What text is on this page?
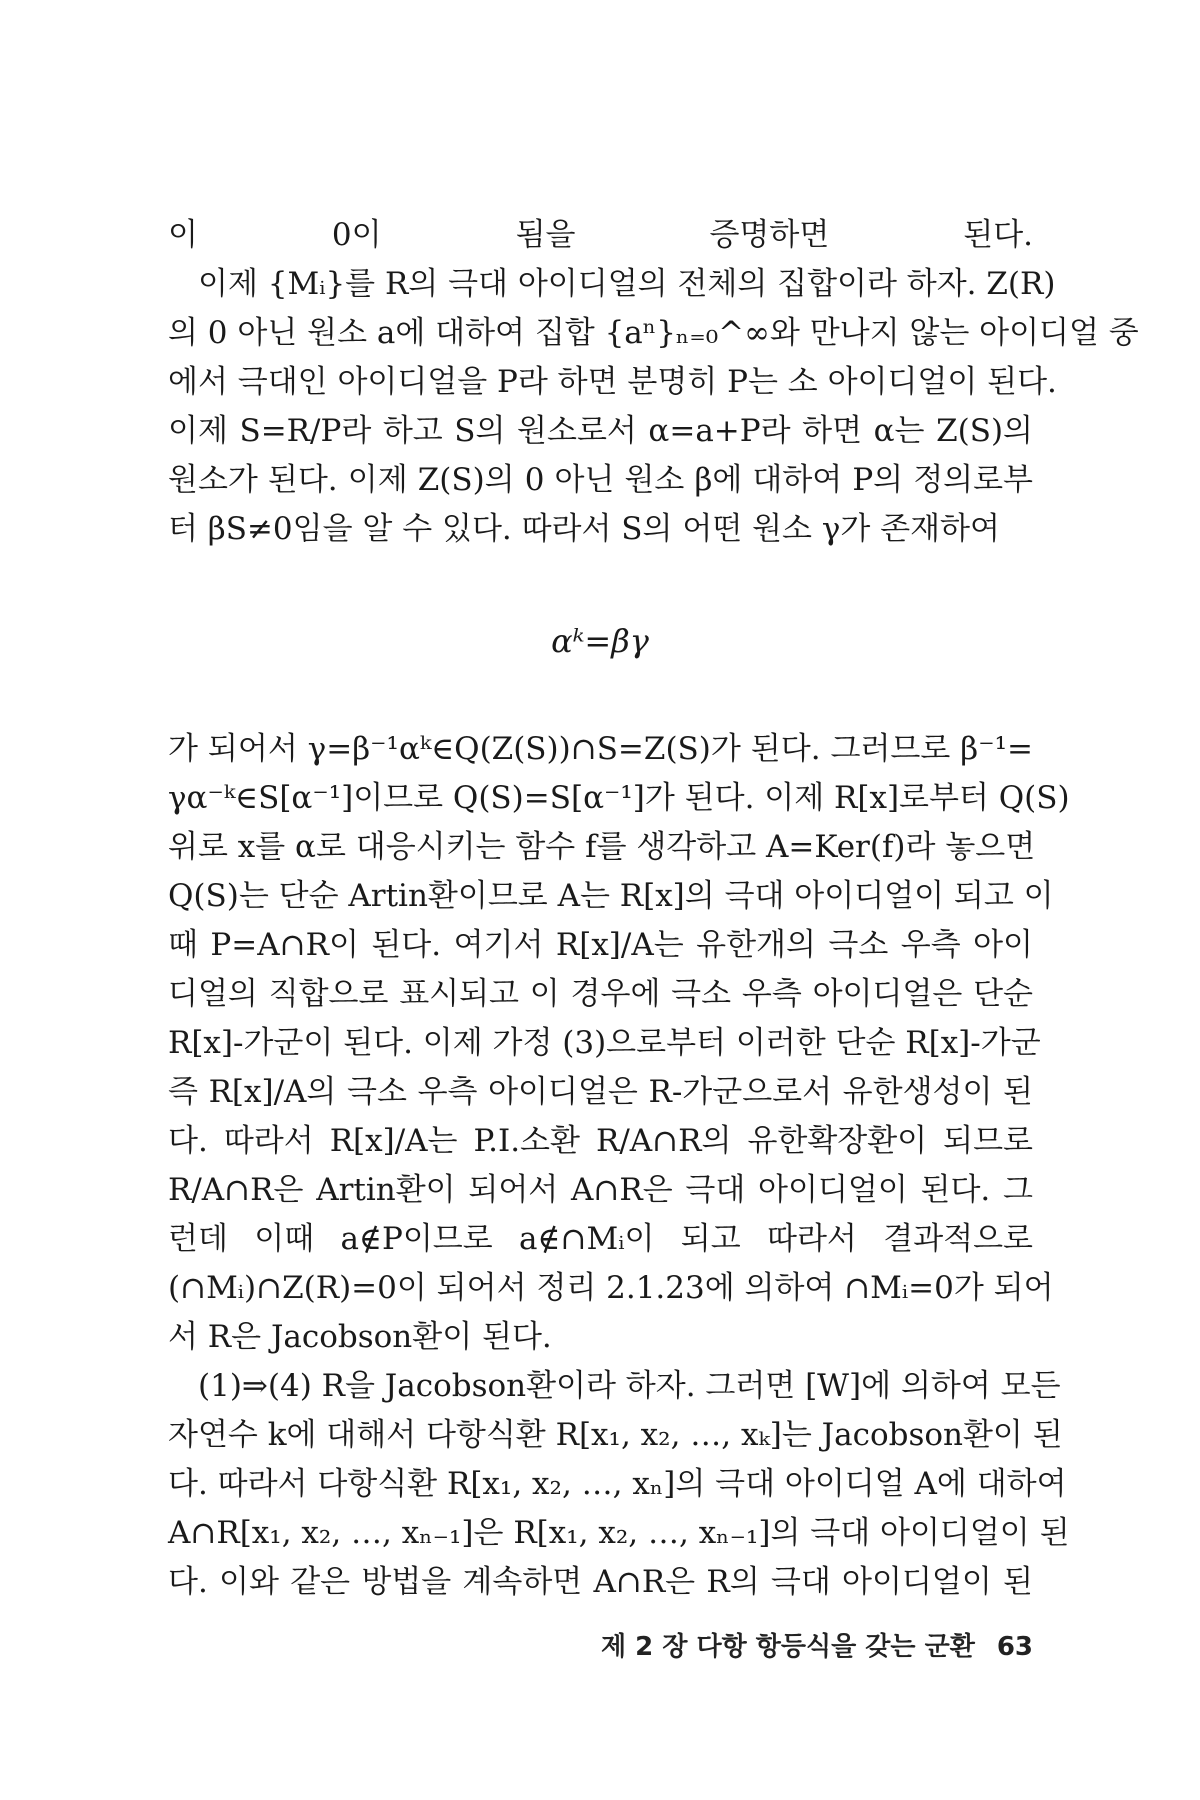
이 0이 됨을 증명하면 된다.
이제 {Mᵢ}를 R의 극대 아이디얼의 전체의 집합이라 하자. Z(R)
의 0 아닌 원소 a에 대하여 집합 {aⁿ}ₙ₌₀^∞와 만나지 않는 아이디얼 중
에서 극대인 아이디얼을 P라 하면 분명히 P는 소 아이디얼이 된다.
이제 S=R/P라 하고 S의 원소로서 α=a+P라 하면 α는 Z(S)의
원소가 된다. 이제 Z(S)의 0 아닌 원소 β에 대하여 P의 정의로부
터 βS≠0임을 알 수 있다. 따라서 S의 어떤 원소 γ가 존재하여
αᵏ=βγ
가 되어서 γ=β⁻¹αᵏ∈Q(Z(S))∩S=Z(S)가 된다. 그러므로 β⁻¹=
γα⁻ᵏ∈S[α⁻¹]이므로 Q(S)=S[α⁻¹]가 된다. 이제 R[x]로부터 Q(S)
위로 x를 α로 대응시키는 함수 f를 생각하고 A=Ker(f)라 놓으면
Q(S)는 단순 Artin환이므로 A는 R[x]의 극대 아이디얼이 되고 이
때 P=A∩R이 된다. 여기서 R[x]/A는 유한개의 극소 우측 아이
디얼의 직합으로 표시되고 이 경우에 극소 우측 아이디얼은 단순
R[x]-가군이 된다. 이제 가정 (3)으로부터 이러한 단순 R[x]-가군
즉 R[x]/A의 극소 우측 아이디얼은 R-가군으로서 유한생성이 된
다. 따라서 R[x]/A는 P.I.소환 R/A∩R의 유한확장환이 되므로
R/A∩R은 Artin환이 되어서 A∩R은 극대 아이디얼이 된다. 그
런데 이때 a∉P이므로 a∉∩Mᵢ이 되고 따라서 결과적으로
(∩Mᵢ)∩Z(R)=0이 되어서 정리 2.1.23에 의하여 ∩Mᵢ=0가 되어
서 R은 Jacobson환이 된다.
(1)⇒(4) R을 Jacobson환이라 하자. 그러면 [W]에 의하여 모든
자연수 k에 대해서 다항식환 R[x₁, x₂, …, xₖ]는 Jacobson환이 된
다. 따라서 다항식환 R[x₁, x₂, …, xₙ]의 극대 아이디얼 A에 대하여
A∩R[x₁, x₂, …, xₙ₋₁]은 R[x₁, x₂, …, xₙ₋₁]의 극대 아이디얼이 된
다. 이와 같은 방법을 계속하면 A∩R은 R의 극대 아이디얼이 된
제 2 장 다항 항등식을 갖는 군환 63
